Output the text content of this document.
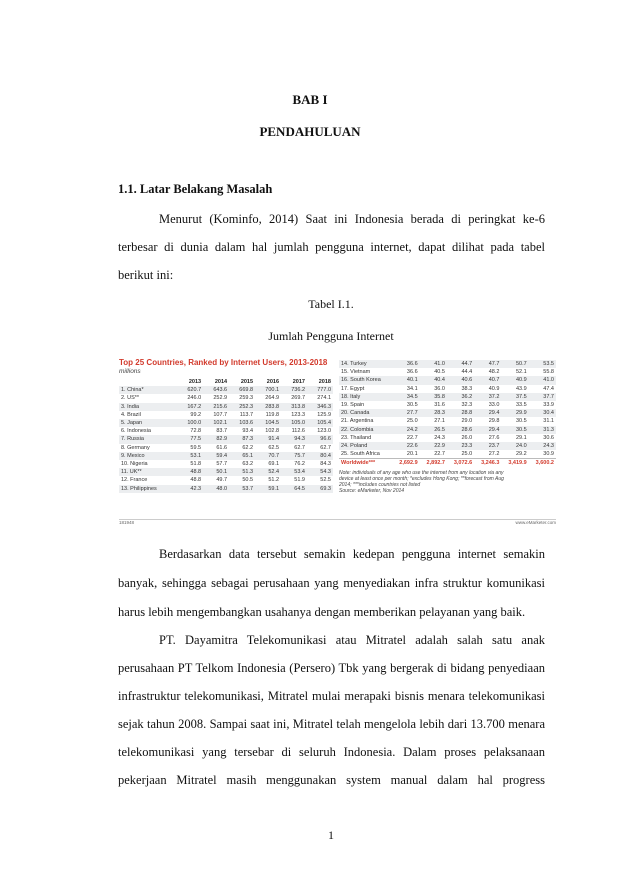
BAB I
PENDAHULUAN
1.1. Latar Belakang Masalah
Menurut (Kominfo, 2014) Saat ini Indonesia berada di peringkat ke-6
terbesar di dunia dalam hal jumlah pengguna internet, dapat dilihat pada tabel
berikut ini:
Tabel I.1.
Jumlah Pengguna Internet
Top 25 Countries, Ranked by Internet Users, 2013-2018
millions
	2013	2014	2015	2016	2017	2018
1. China*	620.7	643.6	669.8	700.1	736.2	777.0
2. US**	246.0	252.9	259.3	264.9	269.7	274.1
3. India	167.2	215.6	252.3	283.8	313.8	346.3
4. Brazil	99.2	107.7	113.7	119.8	123.3	125.9
5. Japan	100.0	102.1	103.6	104.5	105.0	105.4
6. Indonesia	72.8	83.7	93.4	102.8	112.6	123.0
7. Russia	77.5	82.9	87.3	91.4	94.3	96.6
8. Germany	59.5	61.6	62.2	62.5	62.7	62.7
9. Mexico	53.1	59.4	65.1	70.7	75.7	80.4
10. Nigeria	51.8	57.7	63.2	69.1	76.2	84.3
11. UK**	48.8	50.1	51.3	52.4	53.4	54.3
12. France	48.8	49.7	50.5	51.2	51.9	52.5
13. Philippines	42.3	48.0	53.7	59.1	64.5	69.3
14. Turkey	36.6	41.0	44.7	47.7	50.7	53.5
15. Vietnam	36.6	40.5	44.4	48.2	52.1	55.8
16. South Korea	40.1	40.4	40.6	40.7	40.9	41.0
17. Egypt	34.1	36.0	38.3	40.9	43.9	47.4
18. Italy	34.5	35.8	36.2	37.2	37.5	37.7
19. Spain	30.5	31.6	32.3	33.0	33.5	33.9
20. Canada	27.7	28.3	28.8	29.4	29.9	30.4
21. Argentina	25.0	27.1	29.0	29.8	30.5	31.1
22. Colombia	24.2	26.5	28.6	29.4	30.5	31.3
23. Thailand	22.7	24.3	26.0	27.6	29.1	30.6
24. Poland	22.6	22.9	23.3	23.7	24.0	24.3
25. South Africa	20.1	22.7	25.0	27.2	29.2	30.9
Worldwide***	2,692.9	2,892.7	3,072.6	3,246.3	3,419.9	3,600.2
Note: individuals of any age who use the internet from any location via any
device at least once per month; *excludes Hong Kong; **forecast from Aug
2014; ***includes countries not listed
Source: eMarketer, Nov 2014
181948	www.eMarketer.com
Berdasarkan data tersebut semakin kedepan pengguna internet semakin
banyak, sehingga sebagai perusahaan yang menyediakan infra struktur komunikasi
harus lebih mengembangkan usahanya dengan memberikan pelayanan yang baik.
PT. Dayamitra Telekomunikasi atau Mitratel adalah salah satu anak
perusahaan PT Telkom Indonesia (Persero) Tbk yang bergerak di bidang penyediaan
infrastruktur telekomunikasi, Mitratel mulai merapaki bisnis menara telekomunikasi
sejak tahun 2008. Sampai saat ini, Mitratel telah mengelola lebih dari 13.700 menara
telekomunikasi yang tersebar di seluruh Indonesia. Dalam proses pelaksanaan
pekerjaan Mitratel masih menggunakan system manual dalam hal progress
1
